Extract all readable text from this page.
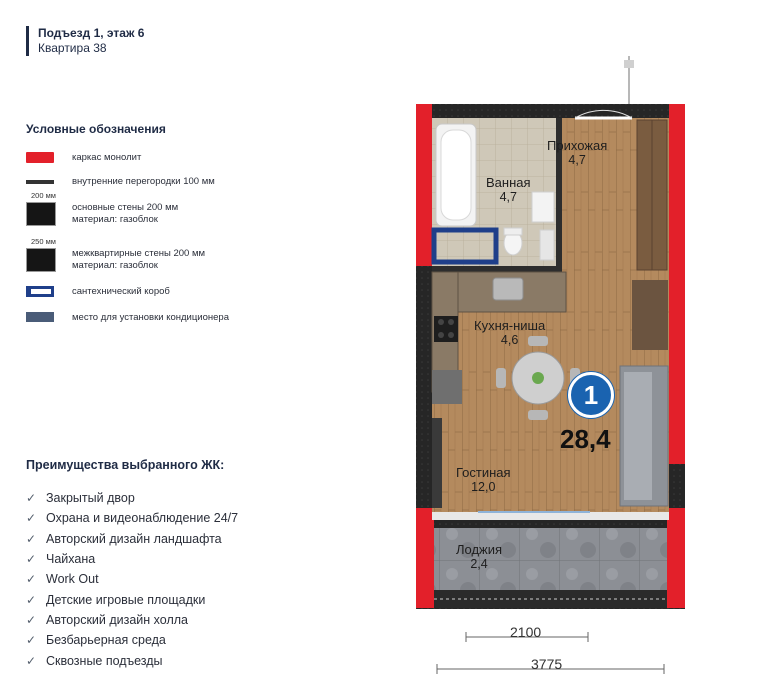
Подъезд 1, этаж 6
Квартира 38
Условные обозначения
каркас монолит
внутренние перегородки 100 мм
200 мм
основные стены 200 мм
материал: газоблок
250 мм
межквартирные стены 200 мм
материал: газоблок
сантехнический короб
место для установки кондиционера
Преимущества выбранного ЖК:
✓ Закрытый двор
✓ Охрана и видеонаблюдение 24/7
✓ Авторский дизайн ландшафта
✓ Чайхана
✓ Work Out
✓ Детские игровые площадки
✓ Авторский дизайн холла
✓ Безбарьерная среда
✓ Сквозные подъезды
Прихожая
4,7
Ванная
4,7
Кухня-ниша
4,6
Гостиная
12,0
Лоджия
2,4
1
28,4
2100
3775
